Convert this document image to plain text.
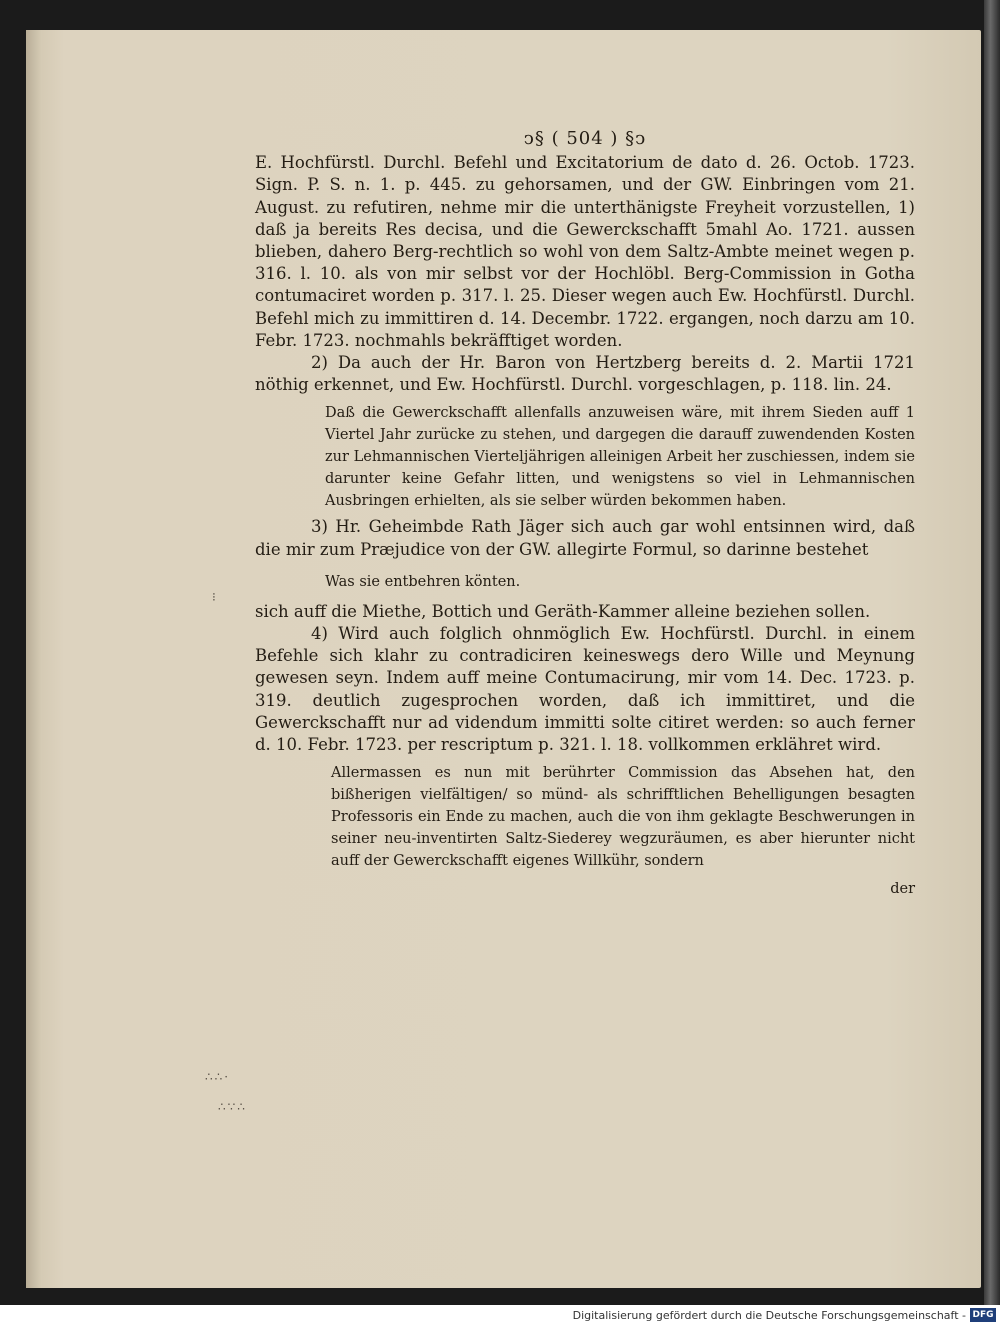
⁝
∴∴·
∴∵∴
ↄ§ ( 504 ) §ↄ

E. Hochfürstl. Durchl. Befehl und Excitatorium de dato d. 26. Octob. 1723. Sign. P. S. n. 1. p. 445. zu gehorsamen, und der GW. Einbringen vom 21. August. zu refutiren, nehme mir die unterthänigste Freyheit vorzustellen, 1) daß ja bereits Res decisa, und die Gewerckschafft 5mahl Ao. 1721. aussen blieben, dahero Berg-rechtlich so wohl von dem Saltz-Ambte meinet wegen p. 316. l. 10. als von mir selbst vor der Hochlöbl. Berg-Commission in Gotha contumaciret worden p. 317. l. 25. Dieser wegen auch Ew. Hochfürstl. Durchl. Befehl mich zu immittiren d. 14. Decembr. 1722. ergangen, noch darzu am 10. Febr. 1723. nochmahls bekräfftiget worden.

2) Da auch der Hr. Baron von Hertzberg bereits d. 2. Martii 1721 nöthig erkennet, und Ew. Hochfürstl. Durchl. vorgeschlagen, p. 118. lin. 24.

Daß die Gewerckschafft allenfalls anzuweisen wäre, mit ihrem Sieden auff 1 Viertel Jahr zurücke zu stehen, und dargegen die darauff zuwendenden Kosten zur Lehmannischen Vierteljährigen alleinigen Arbeit her zuschiessen, indem sie darunter keine Gefahr litten, und wenigstens so viel in Lehmannischen Ausbringen erhielten, als sie selber würden bekommen haben.

3) Hr. Geheimbde Rath Jäger sich auch gar wohl entsinnen wird, daß die mir zum Præjudice von der GW. allegirte Formul, so darinne bestehet

Was sie entbehren könten.

sich auff die Miethe, Bottich und Geräth-Kammer alleine beziehen sollen.

4) Wird auch folglich ohnmöglich Ew. Hochfürstl. Durchl. in einem Befehle sich klahr zu contradiciren keineswegs dero Wille und Meynung gewesen seyn. Indem auff meine Contumacirung, mir vom 14. Dec. 1723. p. 319. deutlich zugesprochen worden, daß ich immittiret, und die Gewerckschafft nur ad videndum immitti solte citiret werden: so auch ferner d. 10. Febr. 1723. per rescriptum p. 321. l. 18. vollkommen erklähret wird.

Allermassen es nun mit berührter Commission das Absehen hat, den bißherigen vielfältigen/ so münd- als schrifftlichen Behelligungen besagten Professoris ein Ende zu machen, auch die von ihm geklagte Beschwerungen in seiner neu-inventirten Saltz-Siederey wegzuräumen, es aber hierunter nicht auff der Gewerckschafft eigenes Willkühr, sondern
der
Digitalisierung gefördert durch die Deutsche Forschungsgemeinschaft - DFG
